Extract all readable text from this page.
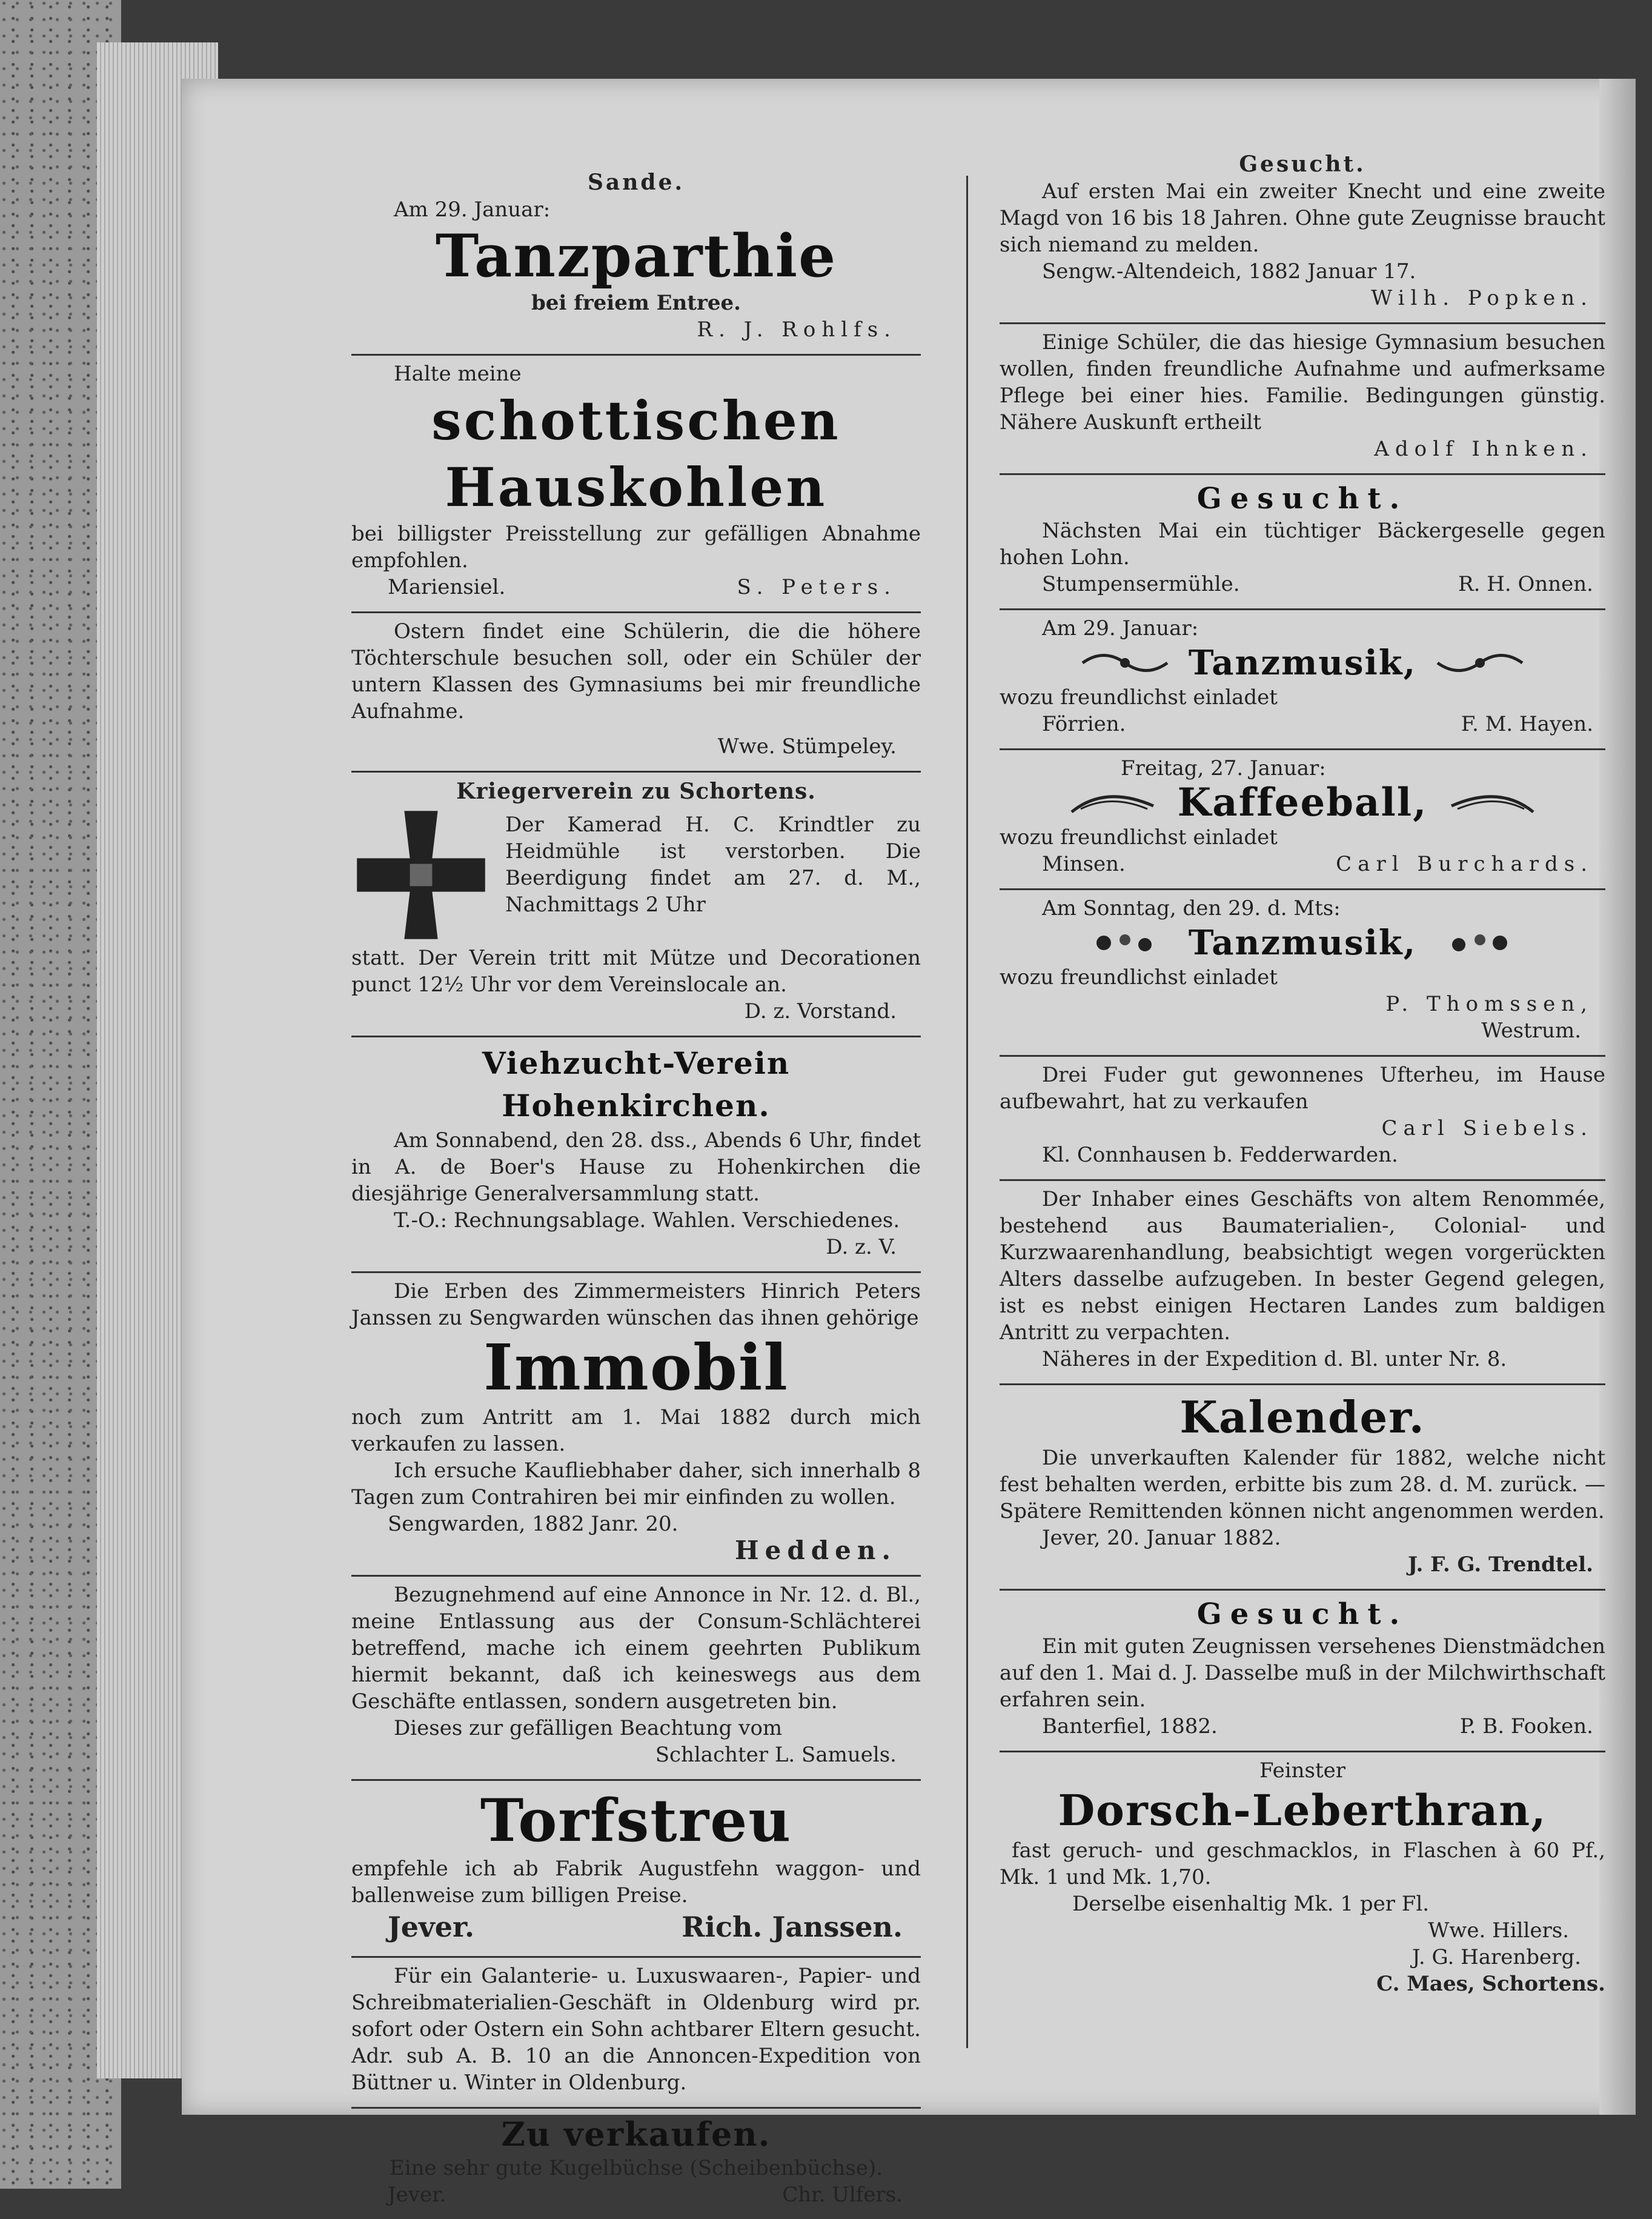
Sande.
Am 29. Januar:
Tanzparthie
bei freiem Entree.
R. J. Rohlfs.
Halte meine
schottischen Hauskohlen

bei billigster Preisstellung zur gefälligen Abnahme empfohlen.

Mariensiel.	S. Peters.

Ostern findet eine Schülerin, die die höhere Töchterschule besuchen soll, oder ein Schüler der untern Klassen des Gymnasiums bei mir freundliche Aufnahme.

Wwe. Stümpeley.
Kriegerverein zu Schortens.

Der Kamerad H. C. Krindtler zu Heidmühle ist verstorben. Die Beerdigung findet am 27. d. M., Nachmittags 2 Uhr

statt. Der Verein tritt mit Mütze und Decorationen punct 12½ Uhr vor dem Vereinslocale an.

D. z. Vorstand.
Viehzucht-Verein Hohenkirchen.

Am Sonnabend, den 28. dss., Abends 6 Uhr, findet in A. de Boer's Hause zu Hohenkirchen die diesjährige Generalversammlung statt.

T.-O.: Rechnungsablage. Wahlen. Verschiedenes.

D. z. V.

Die Erben des Zimmermeisters Hinrich Peters Janssen zu Sengwarden wünschen das ihnen gehörige

Immobil

noch zum Antritt am 1. Mai 1882 durch mich verkaufen zu lassen.

Ich ersuche Kaufliebhaber daher, sich innerhalb 8 Tagen zum Contrahiren bei mir einfinden zu wollen.

Sengwarden, 1882 Janr. 20.
Hedden.

Bezugnehmend auf eine Annonce in Nr. 12. d. Bl., meine Entlassung aus der Consum-Schlächterei betreffend, mache ich einem geehrten Publikum hiermit bekannt, daß ich keineswegs aus dem Geschäfte entlassen, sondern ausgetreten bin.

Dieses zur gefälligen Beachtung vom

Schlachter L. Samuels.
Torfstreu

empfehle ich ab Fabrik Augustfehn waggon- und ballenweise zum billigen Preise.

Jever.	Rich. Janssen.

Für ein Galanterie- u. Luxuswaaren-, Papier- und Schreibmaterialien-Geschäft in Oldenburg wird pr. sofort oder Ostern ein Sohn achtbarer Eltern gesucht. Adr. sub A. B. 10 an die Annoncen-Expedition von Büttner u. Winter in Oldenburg.

Zu verkaufen.
Eine sehr gute Kugelbüchse (Scheibenbüchse).
Jever.	Chr. Ulfers.
Gesucht.

Auf ersten Mai ein zweiter Knecht und eine zweite Magd von 16 bis 18 Jahren. Ohne gute Zeugnisse braucht sich niemand zu melden.

Sengw.-Altendeich, 1882 Januar 17.
Wilh. Popken.

Einige Schüler, die das hiesige Gymnasium besuchen wollen, finden freundliche Aufnahme und aufmerksame Pflege bei einer hies. Familie. Bedingungen günstig. Nähere Auskunft ertheilt

Adolf Ihnken.
Gesucht.

Nächsten Mai ein tüchtiger Bäckergeselle gegen hohen Lohn.

Stumpensermühle.	R. H. Onnen.
Am 29. Januar:
Tanzmusik,
wozu freundlichst einladet
Förrien.	F. M. Hayen.
Freitag, 27. Januar:
Kaffeeball,
wozu freundlichst einladet
Minsen.	Carl Burchards.
Am Sonntag, den 29. d. Mts:
Tanzmusik,
wozu freundlichst einladet
P. Thomssen,
Westrum.

Drei Fuder gut gewonnenes Ufterheu, im Hause aufbewahrt, hat zu verkaufen

Carl Siebels.
Kl. Connhausen b. Fedderwarden.

Der Inhaber eines Geschäfts von altem Renommée, bestehend aus Baumaterialien-, Colonial- und Kurzwaarenhandlung, beabsichtigt wegen vorgerückten Alters dasselbe aufzugeben. In bester Gegend gelegen, ist es nebst einigen Hectaren Landes zum baldigen Antritt zu verpachten.

Näheres in der Expedition d. Bl. unter Nr. 8.

Kalender.

Die unverkauften Kalender für 1882, welche nicht fest behalten werden, erbitte bis zum 28. d. M. zurück. — Spätere Remittenden können nicht angenommen werden.

Jever, 20. Januar 1882.
J. F. G. Trendtel.
Gesucht.

Ein mit guten Zeugnissen versehenes Dienstmädchen auf den 1. Mai d. J. Dasselbe muß in der Milchwirthschaft erfahren sein.

Banterfiel, 1882.	P. B. Fooken.
Feinster
Dorsch-Leberthran,

fast geruch- und geschmacklos, in Flaschen à 60 Pf., Mk. 1 und Mk. 1,70.

Derselbe eisenhaltig Mk. 1 per Fl.

Wwe. Hillers.
J. G. Harenberg.
C. Maes, Schortens.
